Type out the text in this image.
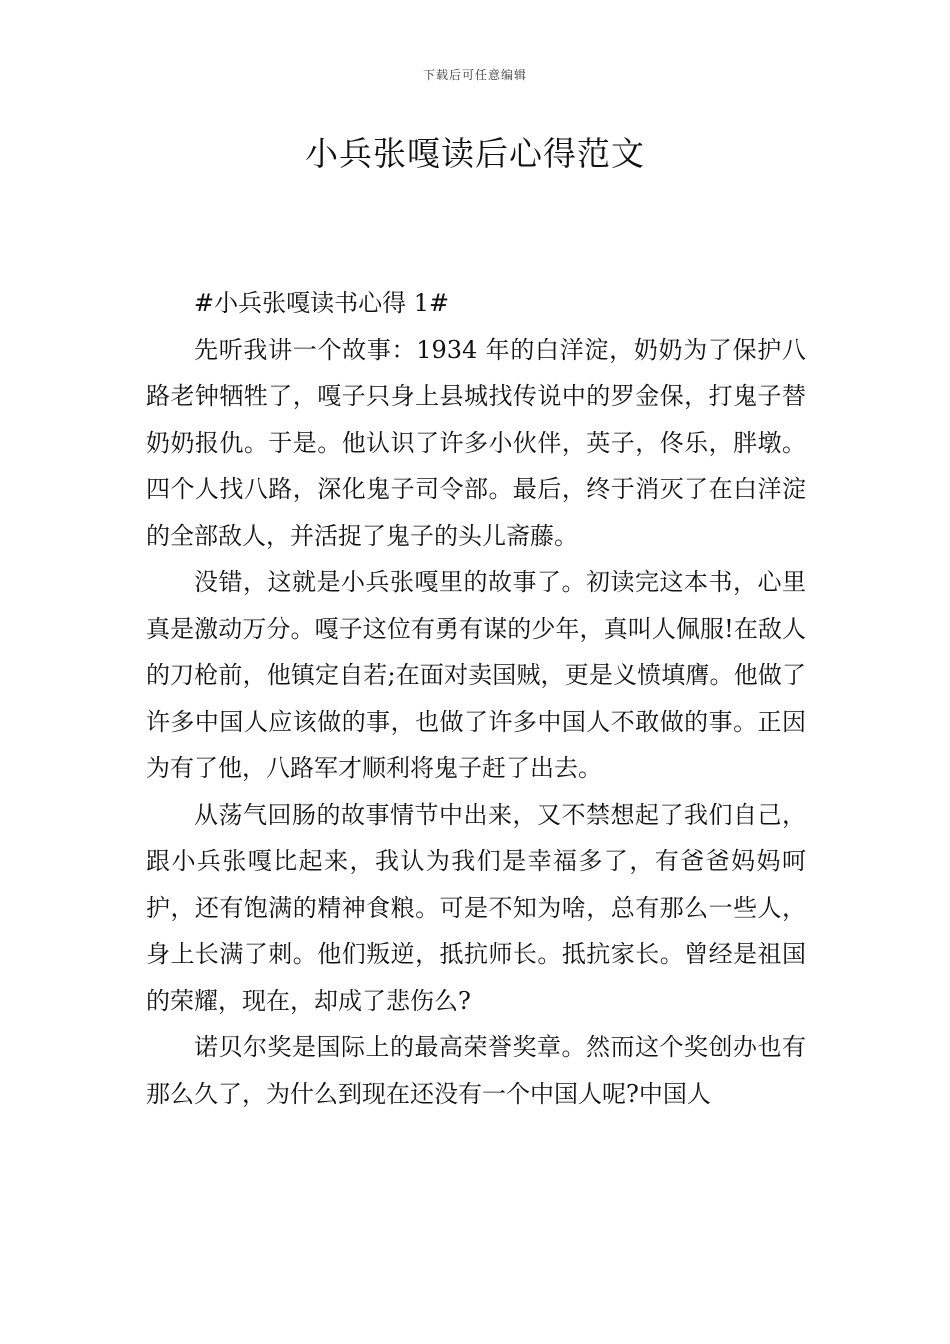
下载后可任意编辑
小兵张嘎读后心得范文

#小兵张嘎读书心得 1#

先听我讲一个故事：1934 年的白洋淀，奶奶为了保护八路老钟牺牲了，嘎子只身上县城找传说中的罗金保，打鬼子替奶奶报仇。于是。他认识了许多小伙伴，英子，佟乐，胖墩。四个人找八路，深化鬼子司令部。最后，终于消灭了在白洋淀的全部敌人，并活捉了鬼子的头儿斋藤。

没错，这就是小兵张嘎里的故事了。初读完这本书，心里真是激动万分。嘎子这位有勇有谋的少年，真叫人佩服!在敌人的刀枪前，他镇定自若;在面对卖国贼，更是义愤填膺。他做了许多中国人应该做的事，也做了许多中国人不敢做的事。正因为有了他，八路军才顺利将鬼子赶了出去。

从荡气回肠的故事情节中出来，又不禁想起了我们自己，跟小兵张嘎比起来，我认为我们是幸福多了，有爸爸妈妈呵护，还有饱满的精神食粮。可是不知为啥，总有那么一些人，身上长满了刺。他们叛逆，抵抗师长。抵抗家长。曾经是祖国的荣耀，现在，却成了悲伤么?

诺贝尔奖是国际上的最高荣誉奖章。然而这个奖创办也有那么久了，为什么到现在还没有一个中国人呢?中国人
